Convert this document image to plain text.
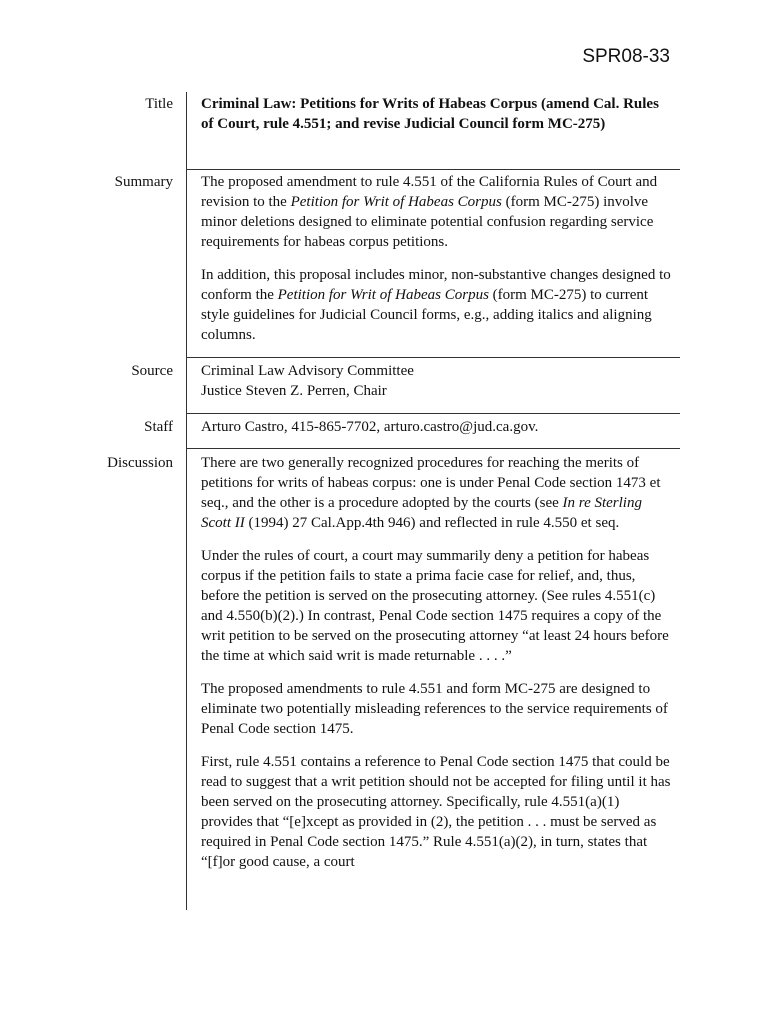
SPR08-33
Title Criminal Law: Petitions for Writs of Habeas Corpus (amend Cal. Rules of Court, rule 4.551; and revise Judicial Council form MC-275)
Summary The proposed amendment to rule 4.551 of the California Rules of Court and revision to the Petition for Writ of Habeas Corpus (form MC-275) involve minor deletions designed to eliminate potential confusion regarding service requirements for habeas corpus petitions.

In addition, this proposal includes minor, non-substantive changes designed to conform the Petition for Writ of Habeas Corpus (form MC-275) to current style guidelines for Judicial Council forms, e.g., adding italics and aligning columns.

Source Criminal Law Advisory Committee
Justice Steven Z. Perren, Chair
Staff Arturo Castro, 415-865-7702, arturo.castro@jud.ca.gov.
Discussion There are two generally recognized procedures for reaching the merits of petitions for writs of habeas corpus: one is under Penal Code section 1473 et seq., and the other is a procedure adopted by the courts (see In re Sterling Scott II (1994) 27 Cal.App.4th 946) and reflected in rule 4.550 et seq.

Under the rules of court, a court may summarily deny a petition for habeas corpus if the petition fails to state a prima facie case for relief, and, thus, before the petition is served on the prosecuting attorney. (See rules 4.551(c) and 4.550(b)(2).) In contrast, Penal Code section 1475 requires a copy of the writ petition to be served on the prosecuting attorney “at least 24 hours before the time at which said writ is made returnable . . . .”

The proposed amendments to rule 4.551 and form MC-275 are designed to eliminate two potentially misleading references to the service requirements of Penal Code section 1475.

First, rule 4.551 contains a reference to Penal Code section 1475 that could be read to suggest that a writ petition should not be accepted for filing until it has been served on the prosecuting attorney. Specifically, rule 4.551(a)(1) provides that “[e]xcept as provided in (2), the petition . . . must be served as required in Penal Code section 1475.” Rule 4.551(a)(2), in turn, states that “[f]or good cause, a court
